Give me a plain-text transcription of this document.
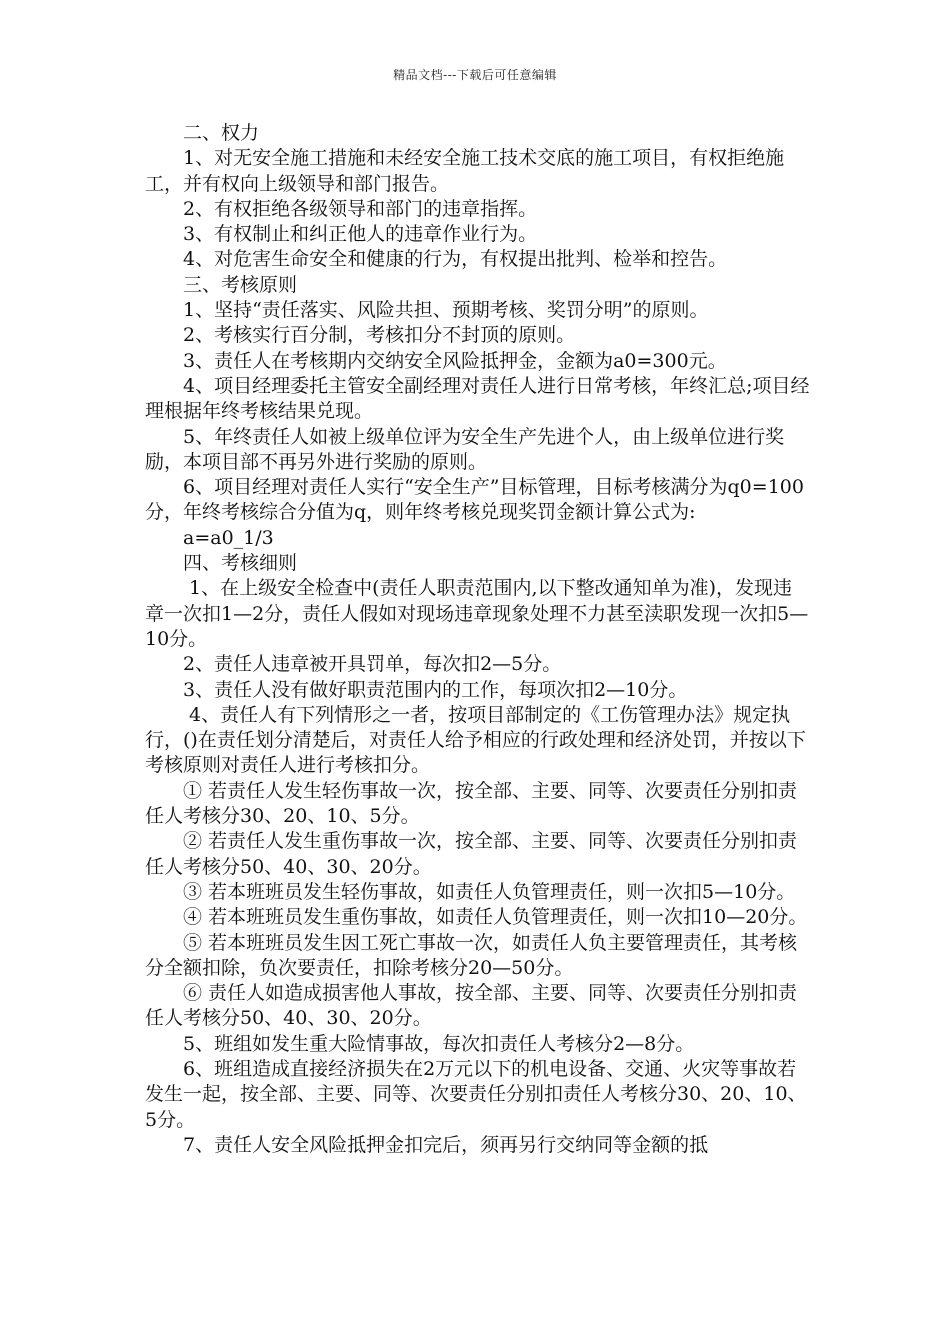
精品文档---下载后可任意编辑

二、权力

1、对无安全施工措施和未经安全施工技术交底的施工项目，有权拒绝施工，并有权向上级领导和部门报告。

2、有权拒绝各级领导和部门的违章指挥。

3、有权制止和纠正他人的违章作业行为。

4、对危害生命安全和健康的行为，有权提出批判、检举和控告。

三、考核原则

1、坚持“责任落实、风险共担、预期考核、奖罚分明”的原则。

2、考核实行百分制，考核扣分不封顶的原则。

3、责任人在考核期内交纳安全风险抵押金，金额为a0=300元。

4、项目经理委托主管安全副经理对责任人进行日常考核，年终汇总;项目经理根据年终考核结果兑现。

5、年终责任人如被上级单位评为安全生产先进个人，由上级单位进行奖励，本项目部不再另外进行奖励的原则。

6、项目经理对责任人实行“安全生产”目标管理，目标考核满分为q0=100分，年终考核综合分值为q，则年终考核兑现奖罚金额计算公式为:

a=a0_1/3

四、考核细则

1、在上级安全检查中(责任人职责范围内,以下整改通知单为准)，发现违章一次扣1—2分，责任人假如对现场违章现象处理不力甚至渎职发现一次扣5—10分。

2、责任人违章被开具罚单，每次扣2—5分。

3、责任人没有做好职责范围内的工作，每项次扣2—10分。

4、责任人有下列情形之一者，按项目部制定的《工伤管理办法》规定执行，()在责任划分清楚后，对责任人给予相应的行政处理和经济处罚，并按以下考核原则对责任人进行考核扣分。

① 若责任人发生轻伤事故一次，按全部、主要、同等、次要责任分别扣责任人考核分30、20、10、5分。

② 若责任人发生重伤事故一次，按全部、主要、同等、次要责任分别扣责任人考核分50、40、30、20分。

③ 若本班班员发生轻伤事故，如责任人负管理责任，则一次扣5—10分。

④ 若本班班员发生重伤事故，如责任人负管理责任，则一次扣10—20分。

⑤ 若本班班员发生因工死亡事故一次，如责任人负主要管理责任，其考核分全额扣除，负次要责任，扣除考核分20—50分。

⑥ 责任人如造成损害他人事故，按全部、主要、同等、次要责任分别扣责任人考核分50、40、30、20分。

5、班组如发生重大险情事故，每次扣责任人考核分2—8分。

6、班组造成直接经济损失在2万元以下的机电设备、交通、火灾等事故若发生一起，按全部、主要、同等、次要责任分别扣责任人考核分30、20、10、5分。

7、责任人安全风险抵押金扣完后，须再另行交纳同等金额的抵
